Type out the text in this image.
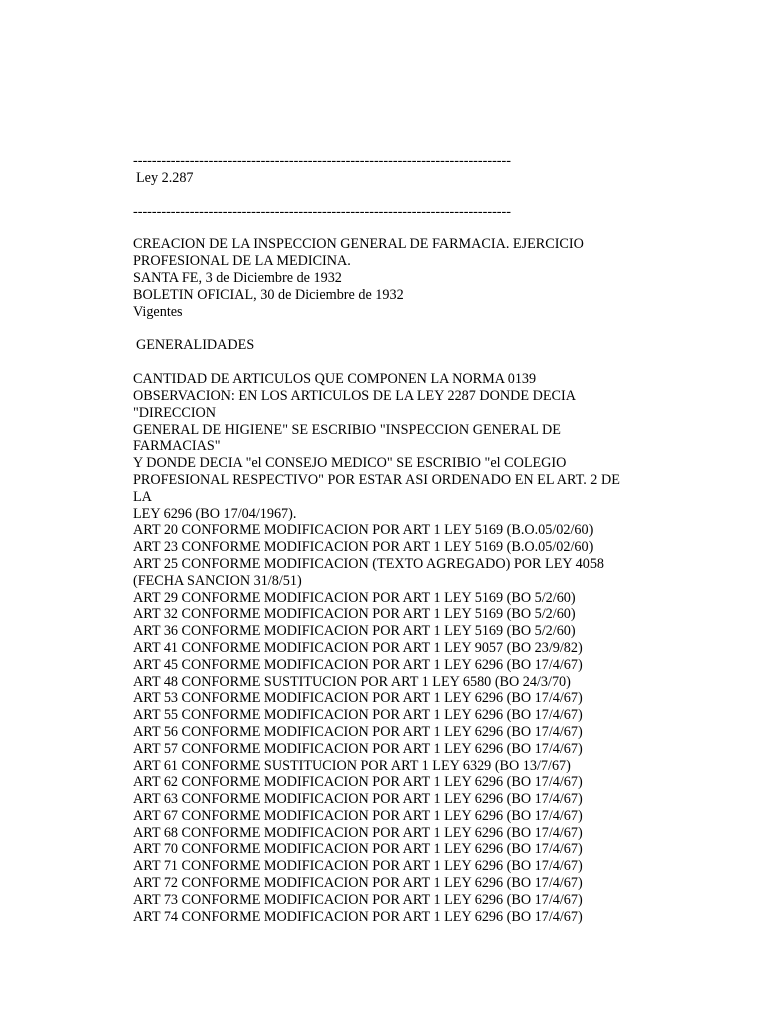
--------------------------------------------------------------------------------
Ley 2.287
--------------------------------------------------------------------------------
CREACION DE LA INSPECCION GENERAL DE FARMACIA. EJERCICIO
PROFESIONAL DE LA MEDICINA.
SANTA FE, 3 de Diciembre de 1932
BOLETIN OFICIAL, 30 de Diciembre de 1932
Vigentes
GENERALIDADES
CANTIDAD DE ARTICULOS QUE COMPONEN LA NORMA 0139
OBSERVACION: EN LOS ARTICULOS DE LA LEY 2287 DONDE DECIA
"DIRECCION
GENERAL DE HIGIENE" SE ESCRIBIO "INSPECCION GENERAL DE
FARMACIAS"
Y DONDE DECIA "el CONSEJO MEDICO" SE ESCRIBIO "el COLEGIO
PROFESIONAL RESPECTIVO" POR ESTAR ASI ORDENADO EN EL ART. 2 DE
LA
LEY 6296 (BO 17/04/1967).
ART 20 CONFORME MODIFICACION POR ART 1 LEY 5169 (B.O.05/02/60)
ART 23 CONFORME MODIFICACION POR ART 1 LEY 5169 (B.O.05/02/60)
ART 25 CONFORME MODIFICACION (TEXTO AGREGADO) POR LEY 4058
(FECHA SANCION 31/8/51)
ART 29 CONFORME MODIFICACION POR ART 1 LEY 5169 (BO 5/2/60)
ART 32 CONFORME MODIFICACION POR ART 1 LEY 5169 (BO 5/2/60)
ART 36 CONFORME MODIFICACION POR ART 1 LEY 5169 (BO 5/2/60)
ART 41 CONFORME MODIFICACION POR ART 1 LEY 9057 (BO 23/9/82)
ART 45 CONFORME MODIFICACION POR ART 1 LEY 6296 (BO 17/4/67)
ART 48 CONFORME SUSTITUCION POR ART 1 LEY 6580 (BO 24/3/70)
ART 53 CONFORME MODIFICACION POR ART 1 LEY 6296 (BO 17/4/67)
ART 55 CONFORME MODIFICACION POR ART 1 LEY 6296 (BO 17/4/67)
ART 56 CONFORME MODIFICACION POR ART 1 LEY 6296 (BO 17/4/67)
ART 57 CONFORME MODIFICACION POR ART 1 LEY 6296 (BO 17/4/67)
ART 61 CONFORME SUSTITUCION POR ART 1 LEY 6329 (BO 13/7/67)
ART 62 CONFORME MODIFICACION POR ART 1 LEY 6296 (BO 17/4/67)
ART 63 CONFORME MODIFICACION POR ART 1 LEY 6296 (BO 17/4/67)
ART 67 CONFORME MODIFICACION POR ART 1 LEY 6296 (BO 17/4/67)
ART 68 CONFORME MODIFICACION POR ART 1 LEY 6296 (BO 17/4/67)
ART 70 CONFORME MODIFICACION POR ART 1 LEY 6296 (BO 17/4/67)
ART 71 CONFORME MODIFICACION POR ART 1 LEY 6296 (BO 17/4/67)
ART 72 CONFORME MODIFICACION POR ART 1 LEY 6296 (BO 17/4/67)
ART 73 CONFORME MODIFICACION POR ART 1 LEY 6296 (BO 17/4/67)
ART 74 CONFORME MODIFICACION POR ART 1 LEY 6296 (BO 17/4/67)
